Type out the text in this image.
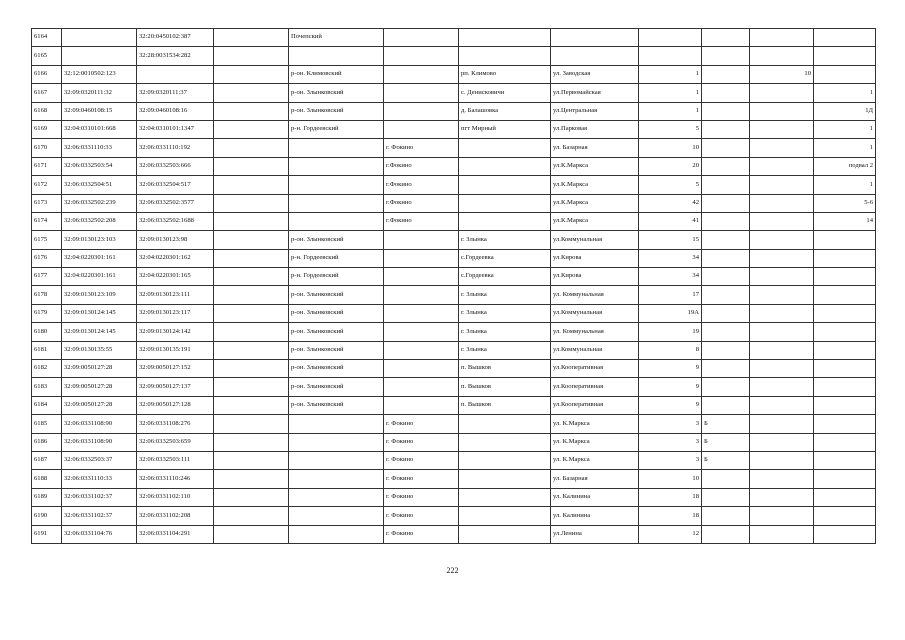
6164		32:20:0450102:387		Почепский							
6165		32:28:0031534:282									
6166	32:12:0010502:123			р-он. Климовский		рп. Климово	ул. Заводская	1		10	
6167	32:09:0320111:32	32:09:0320111:37		р-он. Злынковский		с. Денисковичи	ул.Первомайская	1			1
6168	32:09:0460108:15	32:09:0460108:16		р-он. Злынковский		д. Балашовка	ул.Центральная	1			1Д
6169	32:04:0310101:668	32:04:0310101:1347		р-н. Гордеевский		пгт Мирный	ул.Парковая	5			1
6170	32:06:0331110:33	32:06:0331110:192			г. Фокино		ул. Базарная	10			1
6171	32:06:0332503:54	32:06:0332503:666			г.Фокино		ул.К.Маркса	20			подвал 2
6172	32:06:0332504:51	32:06:0332504:517			г.Фокино		ул.К.Маркса	5			1
6173	32:06:0332502:239	32:06:0332502:3577			г.Фокино		ул.К.Маркса	42			5-6
6174	32:06:0332502:208	32:06:0332502:1688			г.Фокино		ул.К.Маркса	41			14
6175	32:09:0130123:103	32:09:0130123:98		р-он. Злынковский		г. Злынка	ул.Коммунальная	15			
6176	32:04:0220301:161	32:04:0220301:162		р-н. Гордеевский		с.Гордеевка	ул.Кирова	34			
6177	32:04:0220301:161	32:04:0220301:165		р-н. Гордеевский		с.Гордеевка	ул.Кирова	34			
6178	32:09:0130123:109	32:09:0130123:111		р-он. Злынковский		г. Злынка	ул. Коммунальная	17			
6179	32:09:0130124:145	32:09:0130123:117		р-он. Злынковский		г. Злынка	ул.Коммунальная	19А			
6180	32:09:0130124:145	32:09:0130124:142		р-он. Злынковский		г. Злынка	ул. Коммунальная	19			
6181	32:09:0130135:55	32:09:0130135:191		р-он. Злынковский		г. Злынка	ул.Коммунальная	8			
6182	32:09:0050127:28	32:09:0050127:152		р-он. Злынковский		п. Вышков	ул.Кооперативная	9			
6183	32:09:0050127:28	32:09:0050127:137		р-он. Злынковский		п. Вышков	ул.Кооперативная	9			
6184	32:09:0050127:28	32:09:0050127:128		р-он. Злынковский		п. Вышков	ул.Кооперативная	9			
6185	32:06:0331108:90	32:06:0331108:276			г. Фокино		ул. К.Маркса	3	Б		
6186	32:06:0331108:90	32:06:0332503:659			г. Фокино		ул. К.Маркса	3	Б		
6187	32:06:0332503:37	32:06:0332503:111			г. Фокино		ул. К.Маркса	3	Б		
6188	32:06:0331110:33	32:06:0331110:246			г. Фокино		ул. Базарная	10			
6189	32:06:0331102:37	32:06:0331102:110			г. Фокино		ул. Калинина	18			
6190	32:06:0331102:37	32:06:0331102:208			г. Фокино		ул. Калинина	18			
6191	32:06:0331104:76	32:06:0331104:291			г. Фокино		ул.Ленина	12			
222
